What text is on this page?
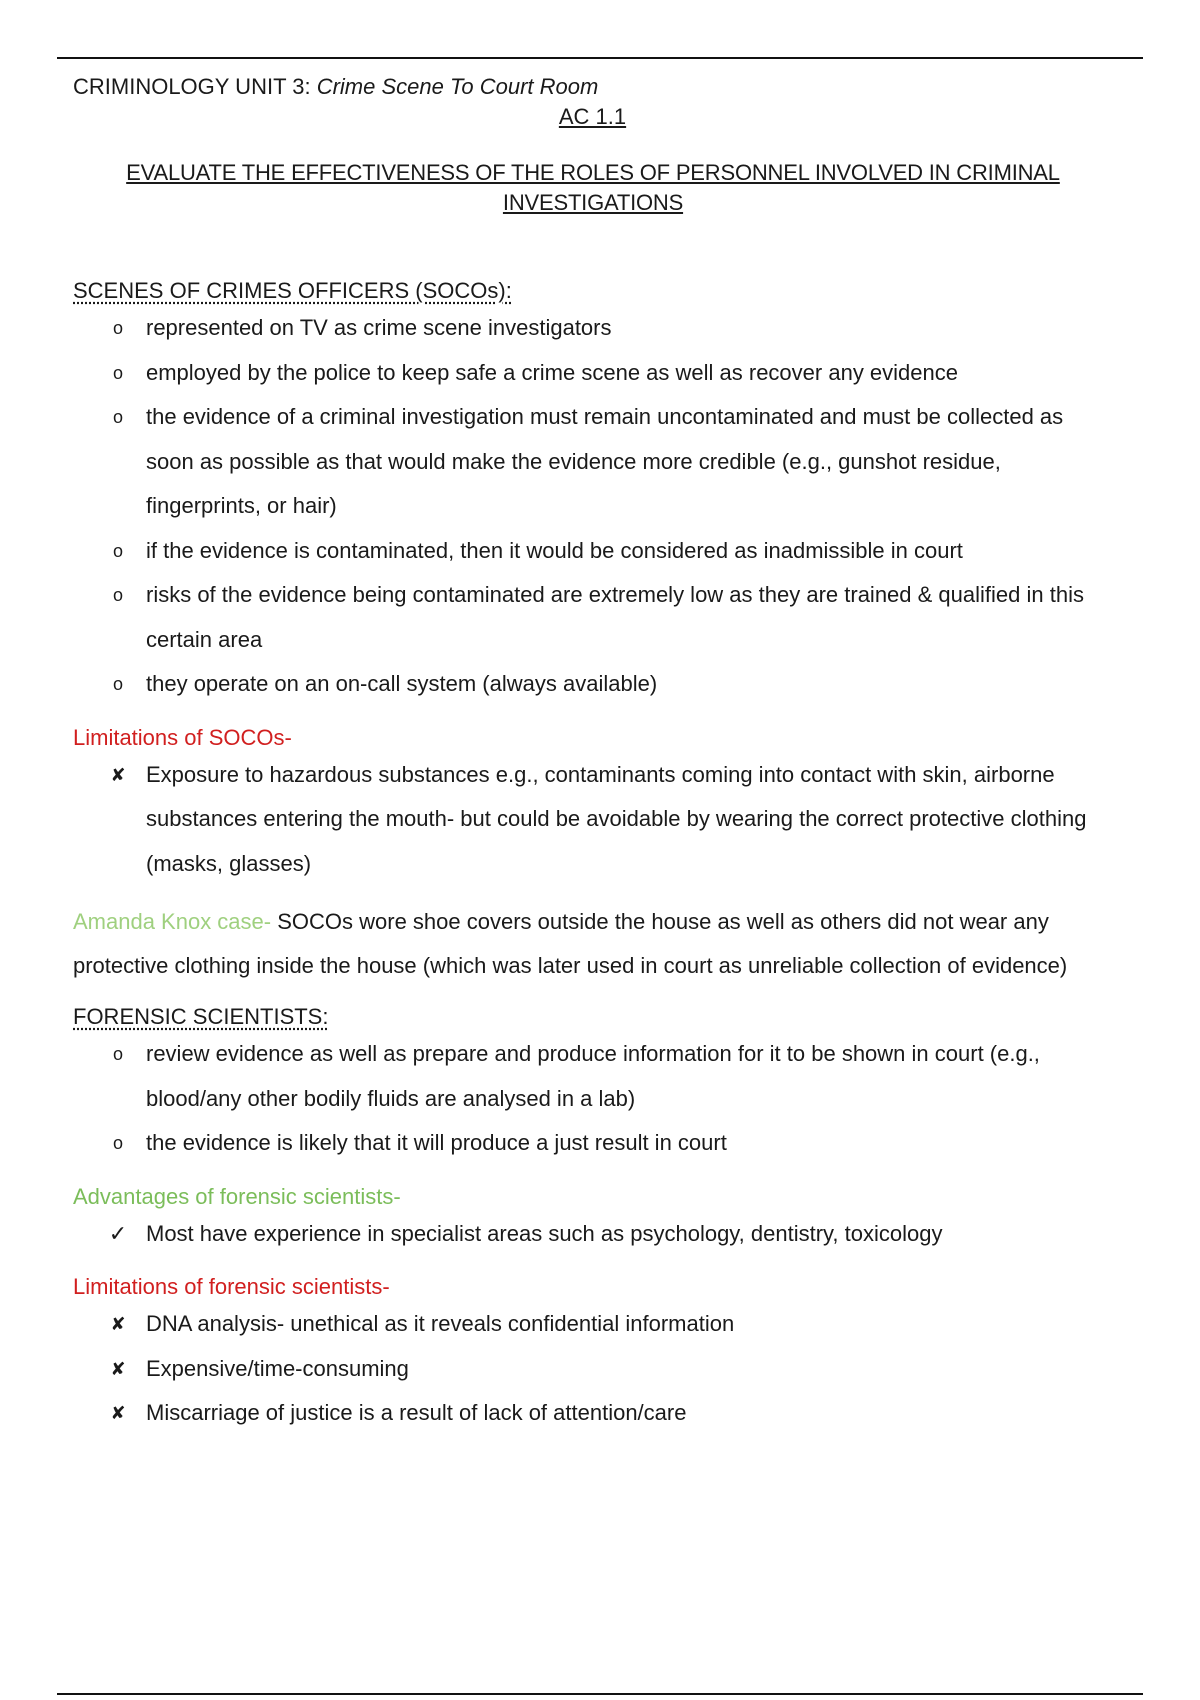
CRIMINOLOGY UNIT 3: Crime Scene To Court Room
AC 1.1
EVALUATE THE EFFECTIVENESS OF THE ROLES OF PERSONNEL INVOLVED IN CRIMINAL INVESTIGATIONS
SCENES OF CRIMES OFFICERS (SOCOs):
o represented on TV as crime scene investigators
o employed by the police to keep safe a crime scene as well as recover any evidence
o the evidence of a criminal investigation must remain uncontaminated and must be collected as soon as possible as that would make the evidence more credible (e.g., gunshot residue, fingerprints, or hair)
o if the evidence is contaminated, then it would be considered as inadmissible in court
o risks of the evidence being contaminated are extremely low as they are trained & qualified in this certain area
o they operate on an on-call system (always available)
Limitations of SOCOs-
✘ Exposure to hazardous substances e.g., contaminants coming into contact with skin, airborne substances entering the mouth- but could be avoidable by wearing the correct protective clothing (masks, glasses)
Amanda Knox case- SOCOs wore shoe covers outside the house as well as others did not wear any protective clothing inside the house (which was later used in court as unreliable collection of evidence)
FORENSIC SCIENTISTS:
o review evidence as well as prepare and produce information for it to be shown in court (e.g., blood/any other bodily fluids are analysed in a lab)
o the evidence is likely that it will produce a just result in court
Advantages of forensic scientists-
✓ Most have experience in specialist areas such as psychology, dentistry, toxicology
Limitations of forensic scientists-
✘ DNA analysis- unethical as it reveals confidential information
✘ Expensive/time-consuming
✘ Miscarriage of justice is a result of lack of attention/care
